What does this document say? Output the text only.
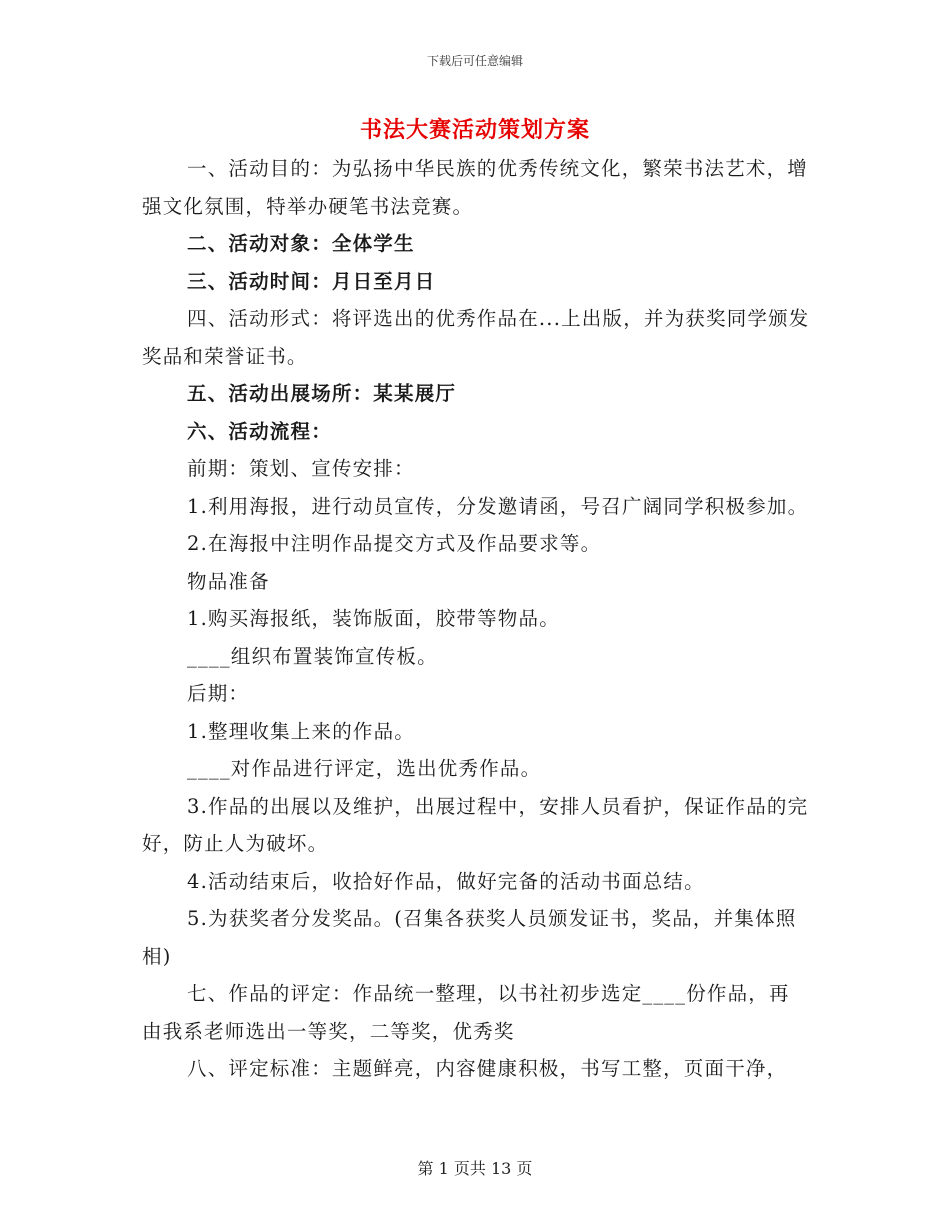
下载后可任意编辑
书法大赛活动策划方案

一、活动目的：为弘扬中华民族的优秀传统文化，繁荣书法艺术，增强文化氛围，特举办硬笔书法竞赛。

二、活动对象：全体学生

三、活动时间：月日至月日

四、活动形式：将评选出的优秀作品在...上出版，并为获奖同学颁发奖品和荣誉证书。

五、活动出展场所：某某展厅

六、活动流程：

前期：策划、宣传安排：

1.利用海报，进行动员宣传，分发邀请函，号召广阔同学积极参加。

2.在海报中注明作品提交方式及作品要求等。

物品准备

1.购买海报纸，装饰版面，胶带等物品。

____组织布置装饰宣传板。

后期：

1.整理收集上来的作品。

____对作品进行评定，选出优秀作品。

3.作品的出展以及维护，出展过程中，安排人员看护，保证作品的完好，防止人为破坏。

4.活动结束后，收拾好作品，做好完备的活动书面总结。

5.为获奖者分发奖品。(召集各获奖人员颁发证书，奖品，并集体照相)

七、作品的评定：作品统一整理，以书社初步选定____份作品，再由我系老师选出一等奖，二等奖，优秀奖

八、评定标准：主题鲜亮，内容健康积极，书写工整，页面干净，

第 1 页共 13 页
